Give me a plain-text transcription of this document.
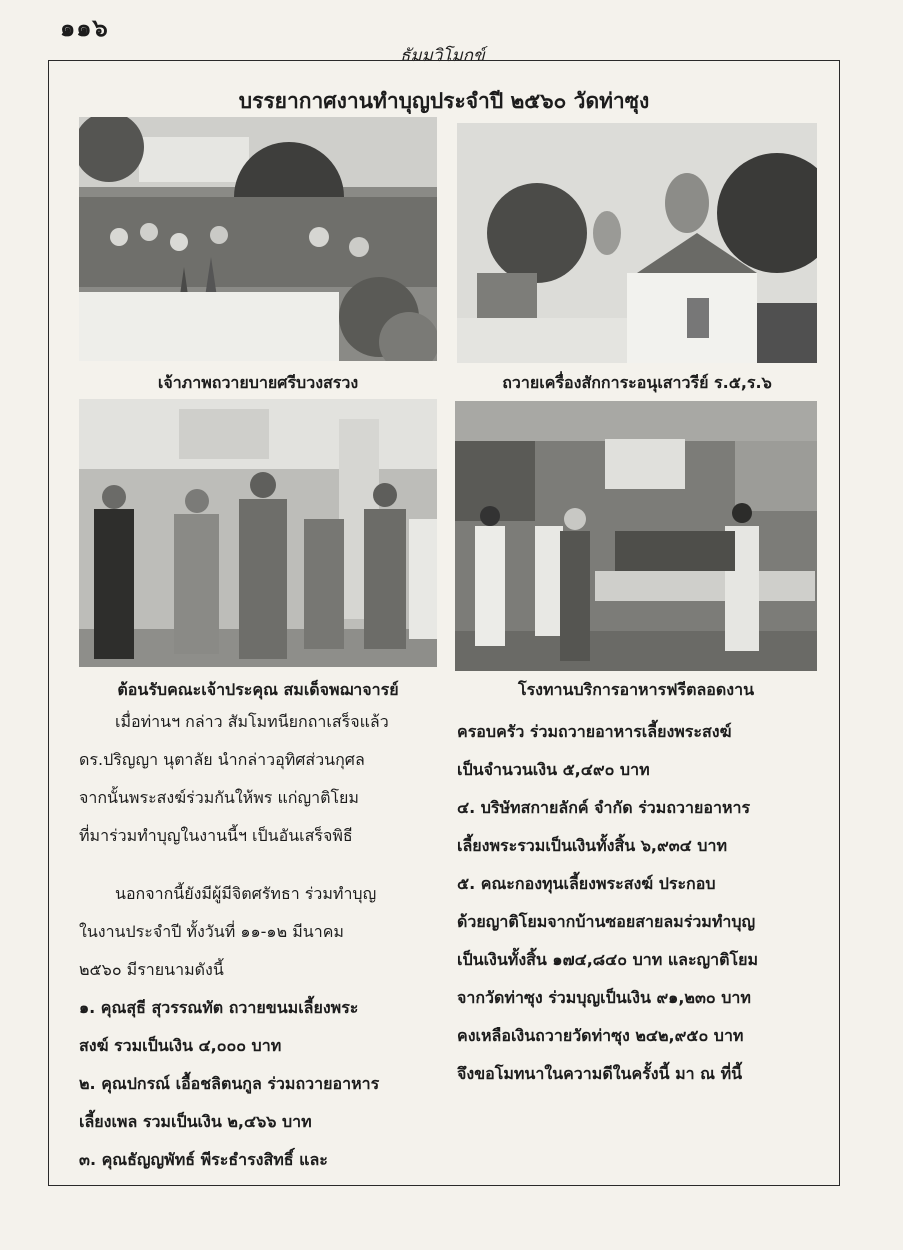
๑๑๖
ธัมมวิโมกข์
บรรยากาศงานทำบุญประจำปี ๒๕๖๐ วัดท่าซุง
เจ้าภาพถวายบายศรีบวงสรวง	ถวายเครื่องสักการะอนุเสาวรีย์ ร.๕,ร.๖
ต้อนรับคณะเจ้าประคุณ สมเด็จพฌาจารย์	โรงทานบริการอาหารฟรีตลอดงาน

เมื่อท่านฯ กล่าว สัมโมทนียกถาเสร็จแล้ว

ดร.ปริญญา นุตาลัย นำกล่าวอุทิศส่วนกุศล

จากนั้นพระสงฆ์ร่วมกันให้พร แก่ญาติโยม

ที่มาร่วมทำบุญในงานนี้ฯ เป็นอันเสร็จพิธี

นอกจากนี้ยังมีผู้มีจิตศรัทธา ร่วมทำบุญ

ในงานประจำปี ทั้งวันที่ ๑๑-๑๒ มีนาคม

๒๕๖๐ มีรายนามดังนี้

๑. คุณสุธี สุวรรณทัต ถวายขนมเลี้ยงพระ

สงฆ์ รวมเป็นเงิน ๔,๐๐๐ บาท

๒. คุณปกรณ์ เอื้อชลิตนกูล ร่วมถวายอาหาร

เลี้ยงเพล รวมเป็นเงิน ๒,๔๖๖ บาท

๓. คุณธัญญพัทธ์ พีระธำรงสิทธิ์ และ

ครอบครัว ร่วมถวายอาหารเลี้ยงพระสงฆ์

เป็นจำนวนเงิน ๕,๔๙๐ บาท

๔. บริษัทสกายลักค์ จำกัด ร่วมถวายอาหาร

เลี้ยงพระรวมเป็นเงินทั้งสิ้น ๖,๙๓๔ บาท

๕. คณะกองทุนเลี้ยงพระสงฆ์ ประกอบ

ด้วยญาติโยมจากบ้านซอยสายลมร่วมทำบุญ

เป็นเงินทั้งสิ้น ๑๗๔,๘๔๐ บาท และญาติโยม

จากวัดท่าซุง ร่วมบุญเป็นเงิน ๙๑,๒๓๐ บาท

คงเหลือเงินถวายวัดท่าซุง ๒๔๒,๙๕๐ บาท

จึงขอโมทนาในความดีในครั้งนี้ มา ณ ที่นี้
